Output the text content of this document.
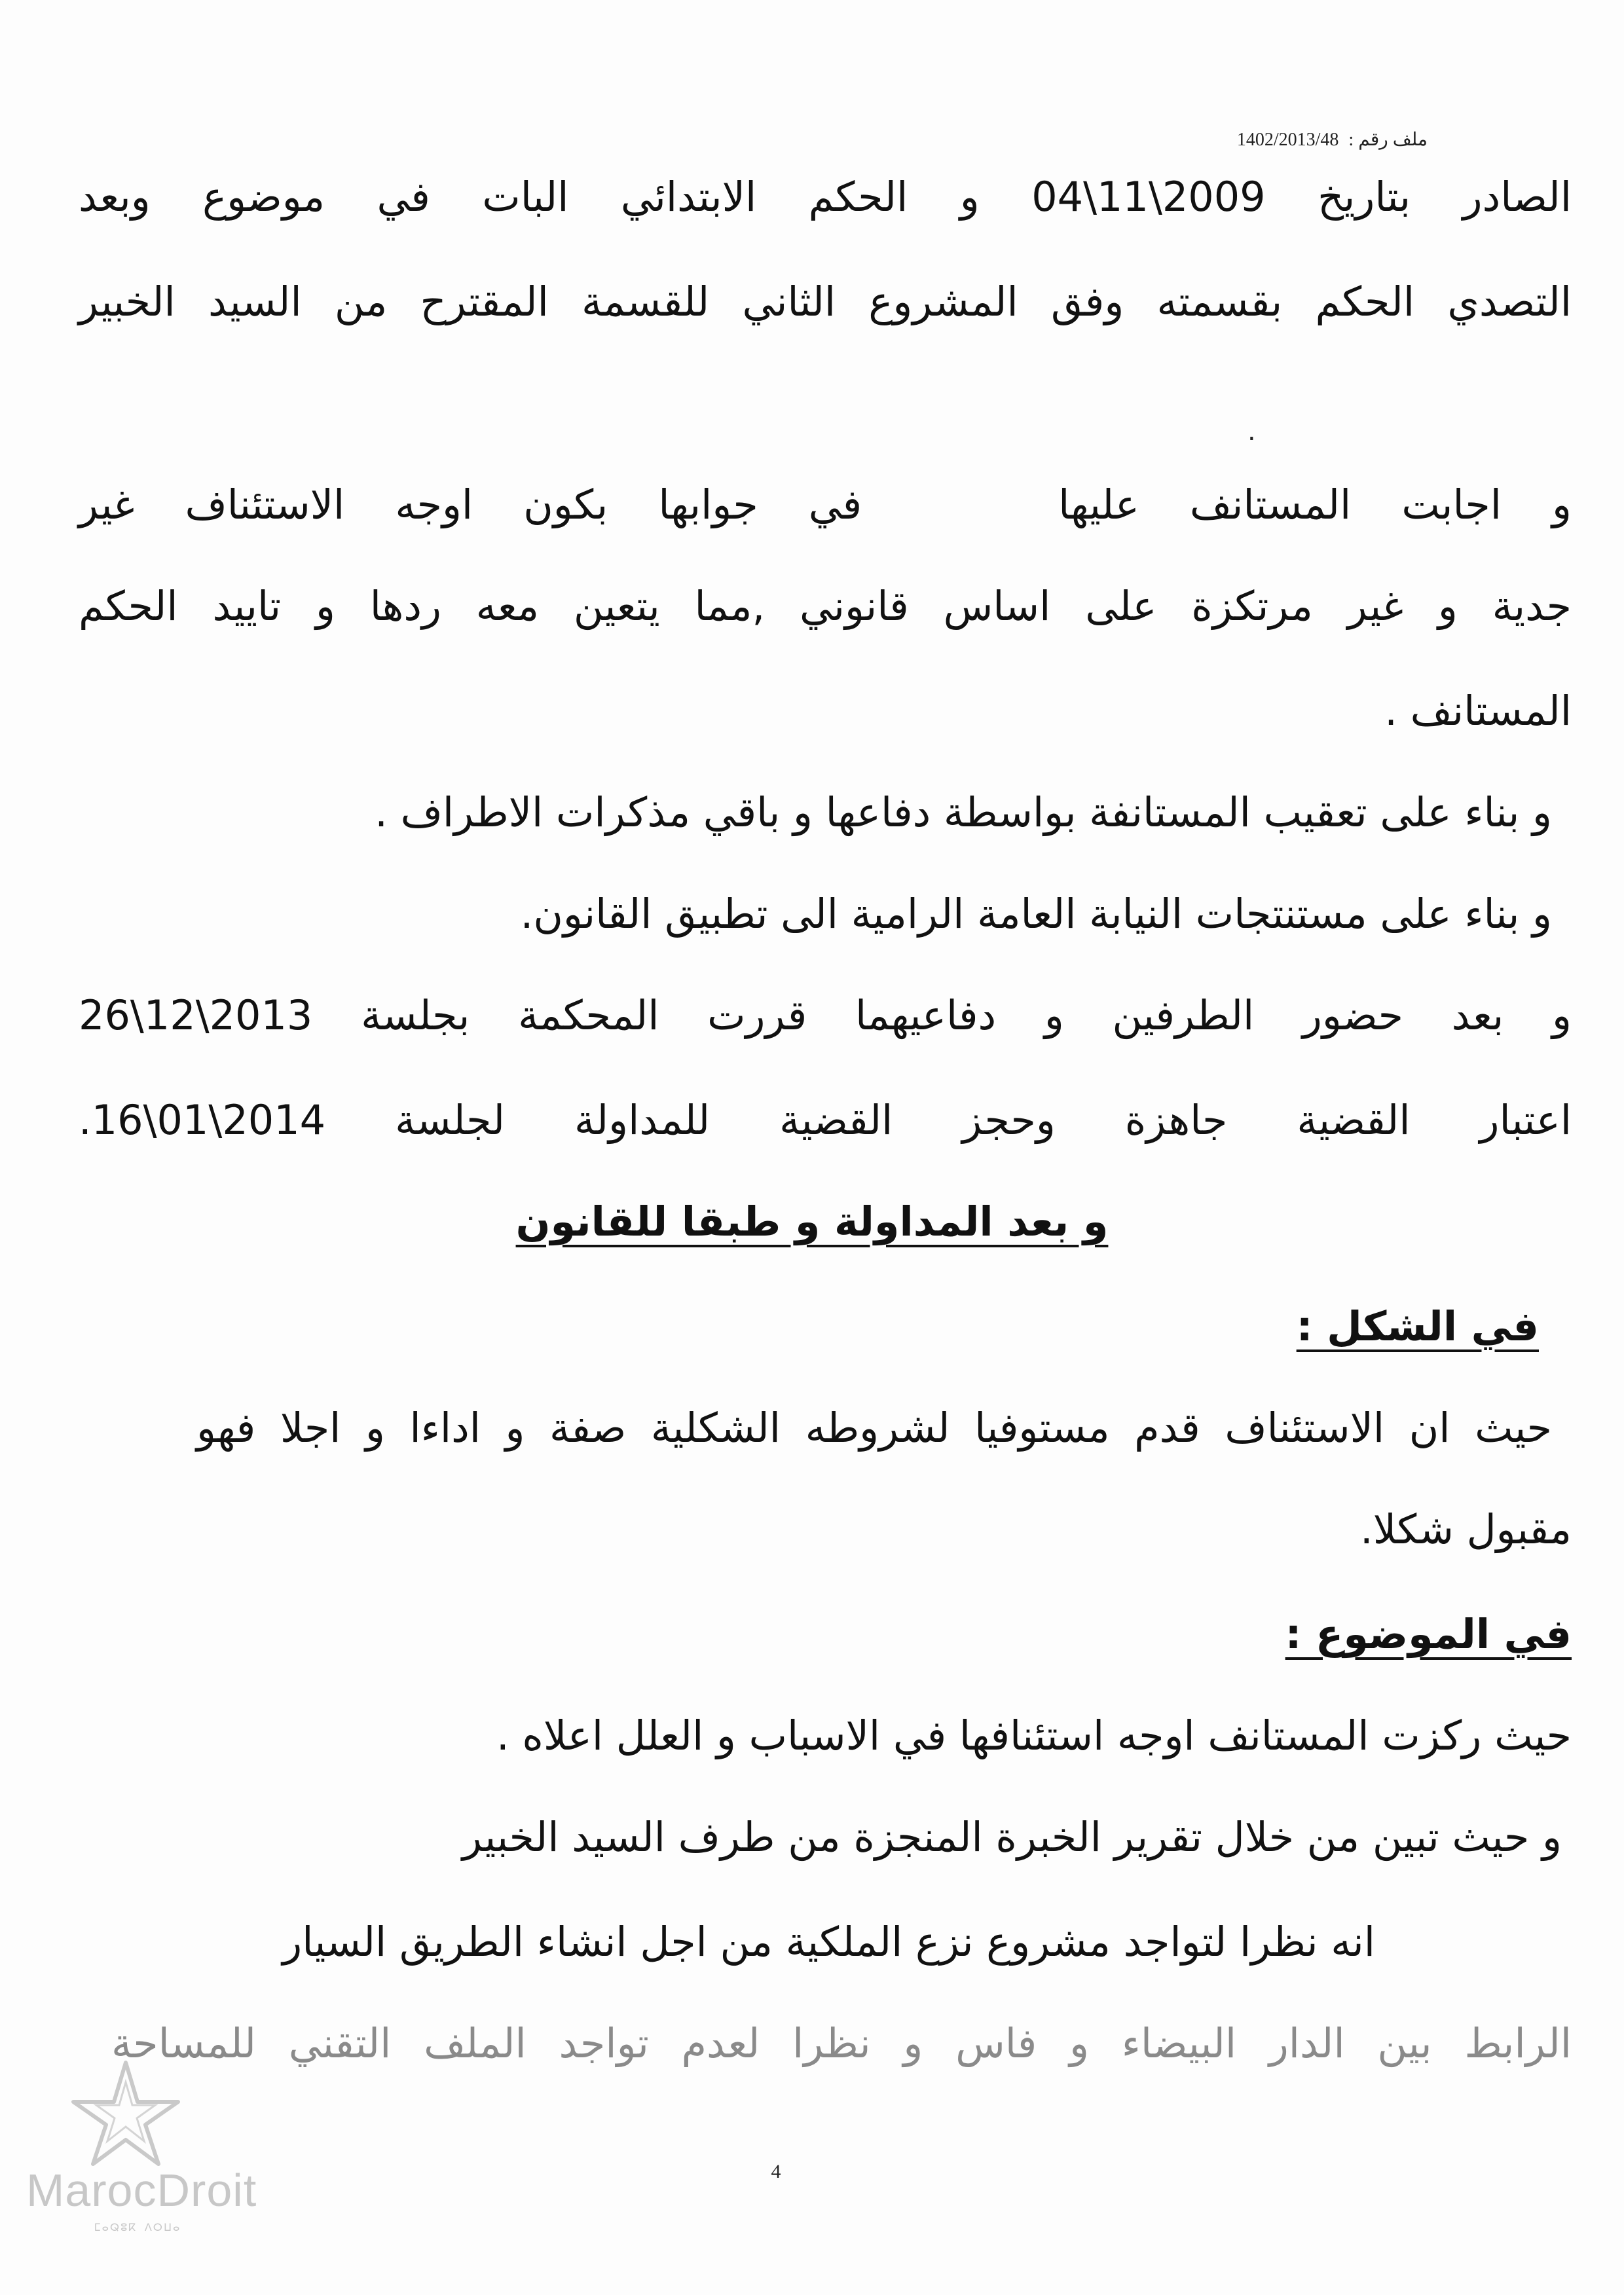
ملف رقم : 1402/2013/48
الصادر بتاريخ 2009\11\04 و الحكم الابتدائي البات في موضوع وبعد
التصدي الحكم بقسمته وفق المشروع الثاني للقسمة المقترح من السيد الخبير
.
و اجابت المستانف عليهافي جوابها بكون اوجه الاستئناف غير
جدية و غير مرتكزة على اساس قانوني ,مما يتعين معه ردها و تاييد الحكم
المستانف .
و بناء على تعقيب المستانفة بواسطة دفاعها و باقي مذكرات الاطراف .
و بناء على مستنتجات النيابة العامة الرامية الى تطبيق القانون.
و بعد حضور الطرفين و دفاعيهما قررت المحكمة بجلسة 2013\12\26
اعتبار القضية جاهزة وحجز القضية للمداولة لجلسة 2014\01\16.
و بعد المداولة و طبقا للقانون
في الشكل :
حيث ان الاستئناف قدم مستوفيا لشروطه الشكلية صفة و اداءا و اجلا فهو
مقبول شكلا.
في الموضوع :
حيث ركزت المستانف اوجه استئنافها في الاسباب و العلل اعلاه .
و حيث تبين من خلال تقرير الخبرة المنجزة من طرف السيد الخبير
انه نظرا لتواجد مشروع نزع الملكية من اجل انشاء الطريق السيار
الرابط بين الدار البيضاء و فاس و نظرا لعدم تواجد الملف التقني للمساحة
MarocDroit
ⵎⴰⵕⵓⴽ ⴷⵔⵡⴰ
4
